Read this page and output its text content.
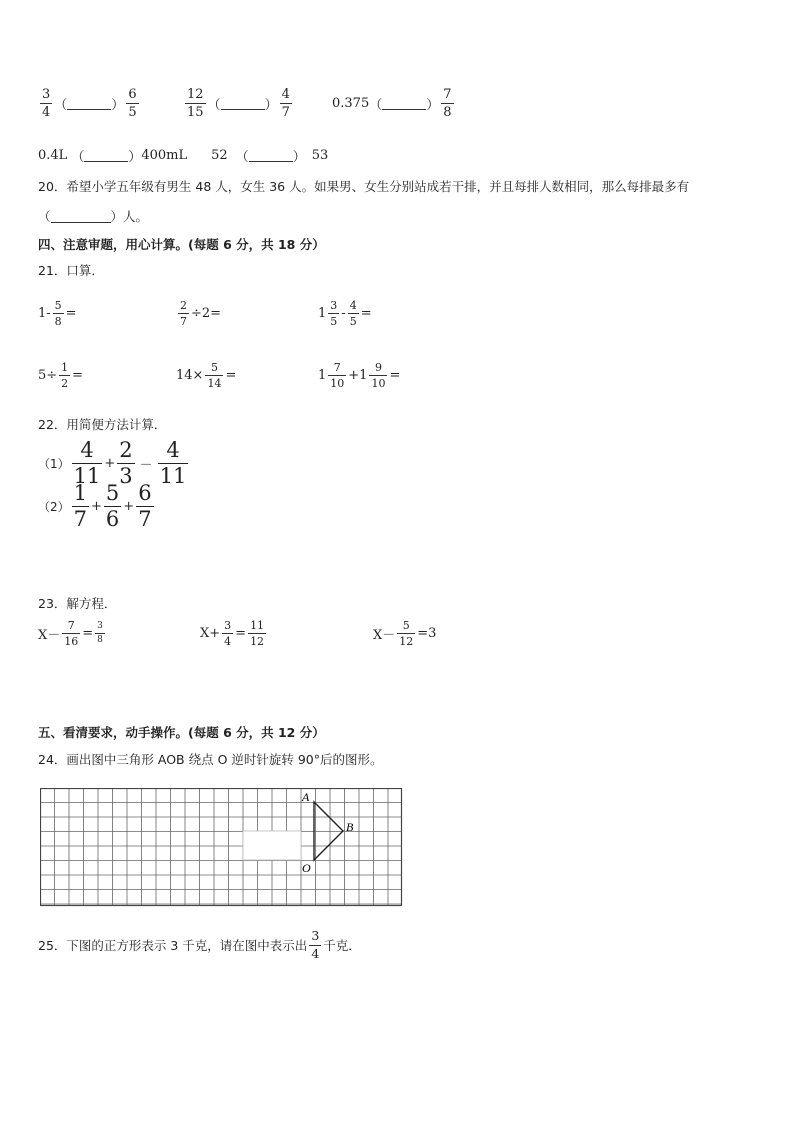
$\frac{3}{4}$ （	） $\frac{6}{5}$	$\frac{12}{15}$ （	） $\frac{4}{7}$	0.375 （	） $\frac{7}{8}$
0.4L （	） 400mL 52 （	） 53
20．希望小学五年级有男生 48 人，女生 36 人。如果男、女生分别站成若干排，并且每排人数相同，那么每排最多有
（	）人。
四、注意审题，用心计算。(每题 6 分，共 18 分）
21．口算．
$1- \frac{5}{8}$ =	$\frac{2}{7} \div 2=$	$1 \frac{3}{5} - \frac{4}{5}$ =
$5\div \frac{1}{2}$ =	$14\times \frac{5}{14}$ =	$1 \frac{7}{10} +1 \frac{9}{10}$ =
22．用简便方法计算．
$(1) \frac{4}{11} + \frac{2}{3} - \frac{4}{11}$
$(2) \frac{1}{7} + \frac{5}{6} + \frac{6}{7}$
23．解方程．
$X- \frac{7}{16} = \frac{3}{8}$	$X+ \frac{3}{4} = \frac{11}{12}$	$X- \frac{5}{12} =3$
五、看清要求，动手操作。(每题 6 分，共 12 分）
24．画出图中三角形 AOB 绕点 O 逆时针旋转 90°后的图形。
A
B
O
25．下图的正方形表示 3 千克，请在图中表示出 $\frac{3}{4}$ 千克．
